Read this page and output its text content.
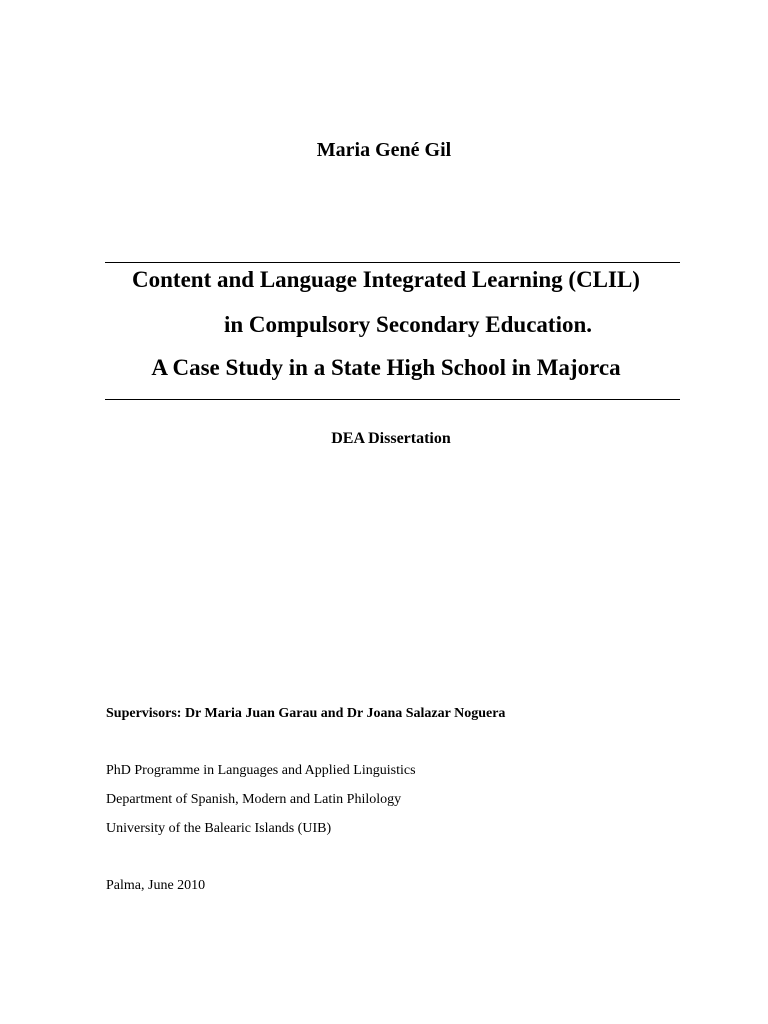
Maria Gené Gil
Content and Language Integrated Learning (CLIL)
in Compulsory Secondary Education.
A Case Study in a State High School in Majorca
DEA Dissertation
Supervisors: Dr Maria Juan Garau and Dr Joana Salazar Noguera
PhD Programme in Languages and Applied Linguistics
Department of Spanish, Modern and Latin Philology
University of the Balearic Islands (UIB)
Palma, June 2010
